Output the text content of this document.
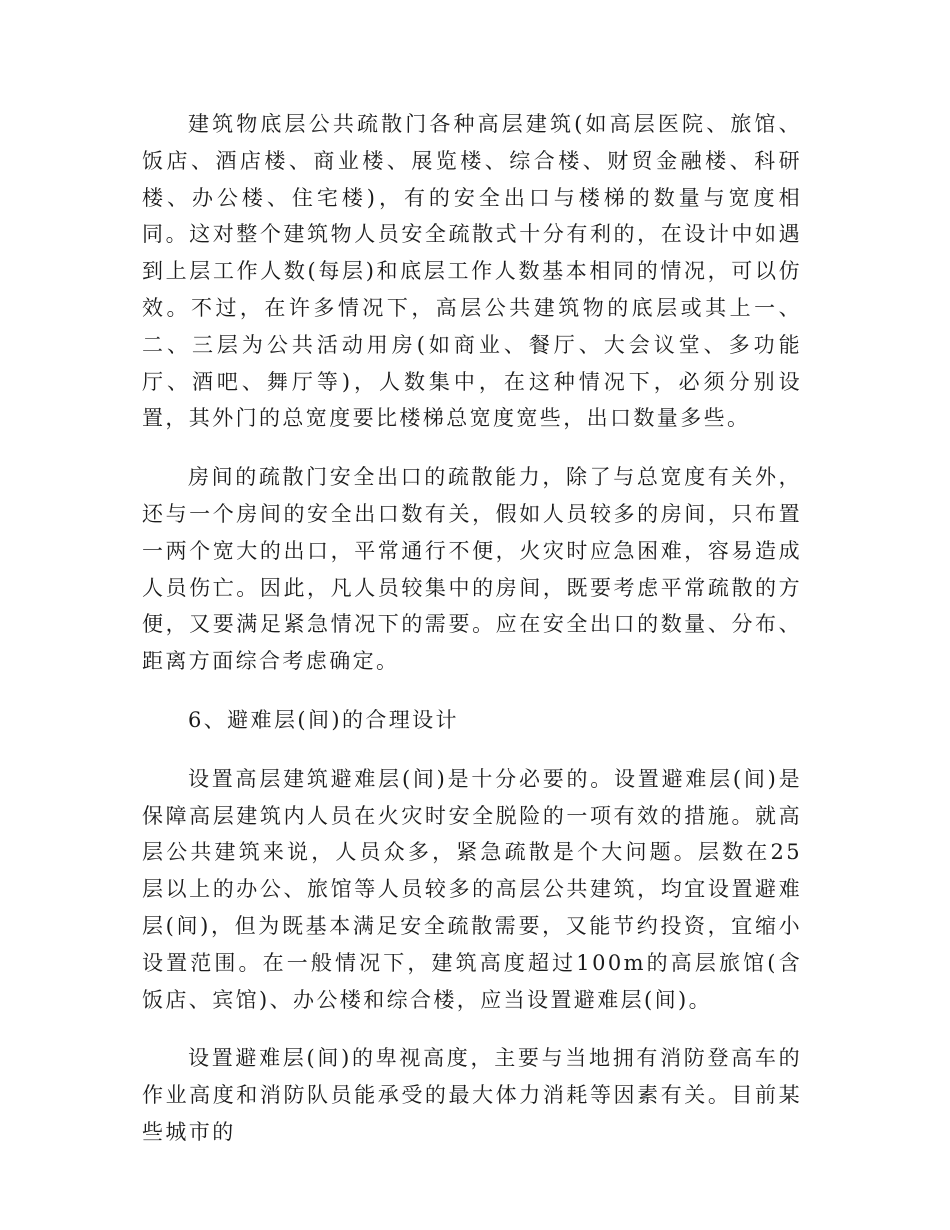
建筑物底层公共疏散门各种高层建筑(如高层医院、旅馆、饭店、酒店楼、商业楼、展览楼、综合楼、财贸金融楼、科研楼、办公楼、住宅楼)，有的安全出口与楼梯的数量与宽度相同。这对整个建筑物人员安全疏散式十分有利的，在设计中如遇到上层工作人数(每层)和底层工作人数基本相同的情况，可以仿效。不过，在许多情况下，高层公共建筑物的底层或其上一、二、三层为公共活动用房(如商业、餐厅、大会议堂、多功能厅、酒吧、舞厅等)，人数集中，在这种情况下，必须分别设置，其外门的总宽度要比楼梯总宽度宽些，出口数量多些。

房间的疏散门安全出口的疏散能力，除了与总宽度有关外，还与一个房间的安全出口数有关，假如人员较多的房间，只布置一两个宽大的出口，平常通行不便，火灾时应急困难，容易造成人员伤亡。因此，凡人员较集中的房间，既要考虑平常疏散的方便，又要满足紧急情况下的需要。应在安全出口的数量、分布、距离方面综合考虑确定。

6、避难层(间)的合理设计

设置高层建筑避难层(间)是十分必要的。设置避难层(间)是保障高层建筑内人员在火灾时安全脱险的一项有效的措施。就高层公共建筑来说，人员众多，紧急疏散是个大问题。层数在25层以上的办公、旅馆等人员较多的高层公共建筑，均宜设置避难层(间)，但为既基本满足安全疏散需要，又能节约投资，宜缩小设置范围。在一般情况下，建筑高度超过100m的高层旅馆(含饭店、宾馆)、办公楼和综合楼，应当设置避难层(间)。

设置避难层(间)的卑视高度，主要与当地拥有消防登高车的作业高度和消防队员能承受的最大体力消耗等因素有关。目前某些城市的
